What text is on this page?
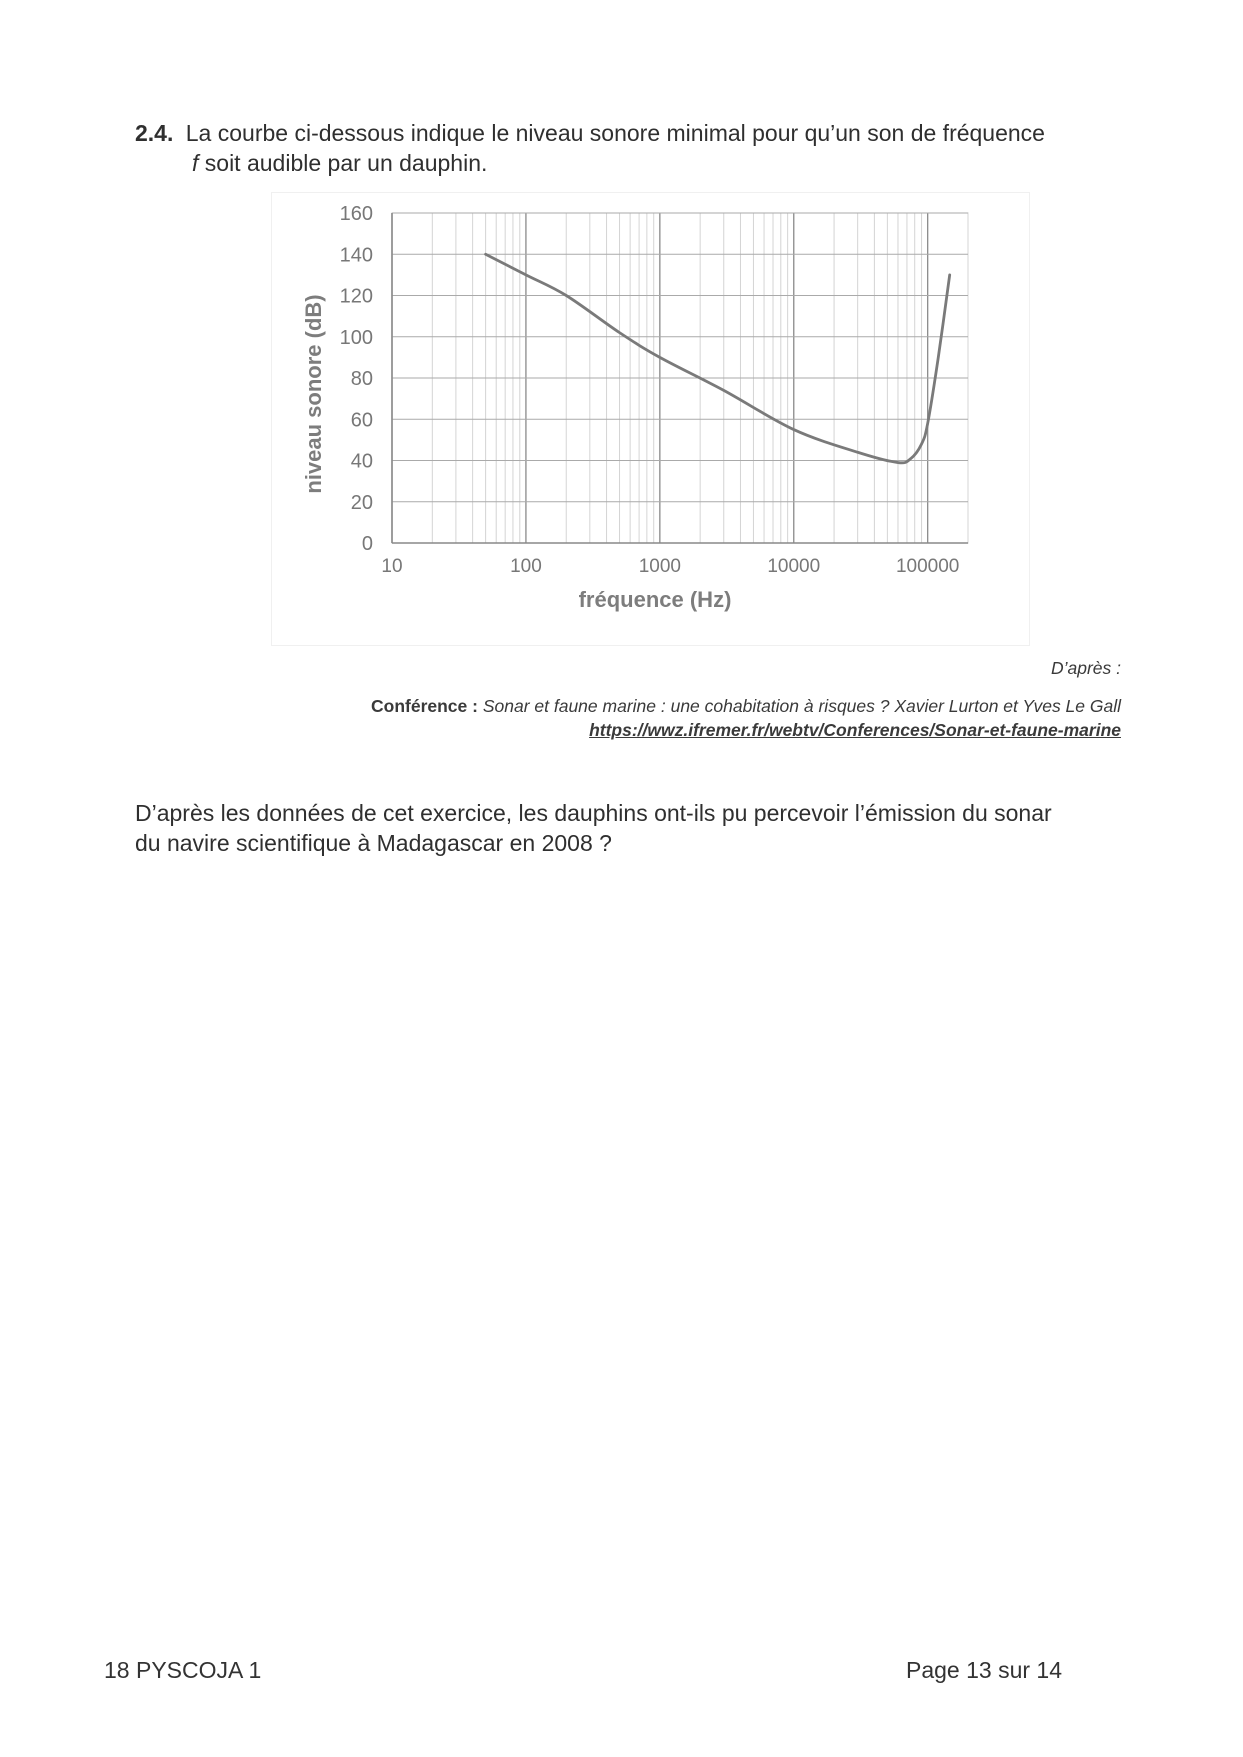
2.4. La courbe ci-dessous indique le niveau sonore minimal pour qu’un son de fréquence
f soit audible par un dauphin.
10	100	1000	10000	100000
0
20
40
60
80
100
120
140
160
fréquence (Hz)
niveau sonore (dB)
D’après :
Conférence : Sonar et faune marine : une cohabitation à risques ? Xavier Lurton et Yves Le Gall
https://wwz.ifremer.fr/webtv/Conferences/Sonar-et-faune-marine
D’après les données de cet exercice, les dauphins ont-ils pu percevoir l’émission du sonar
du navire scientifique à Madagascar en 2008 ?
18 PYSCOJA 1	Page 13 sur 14
